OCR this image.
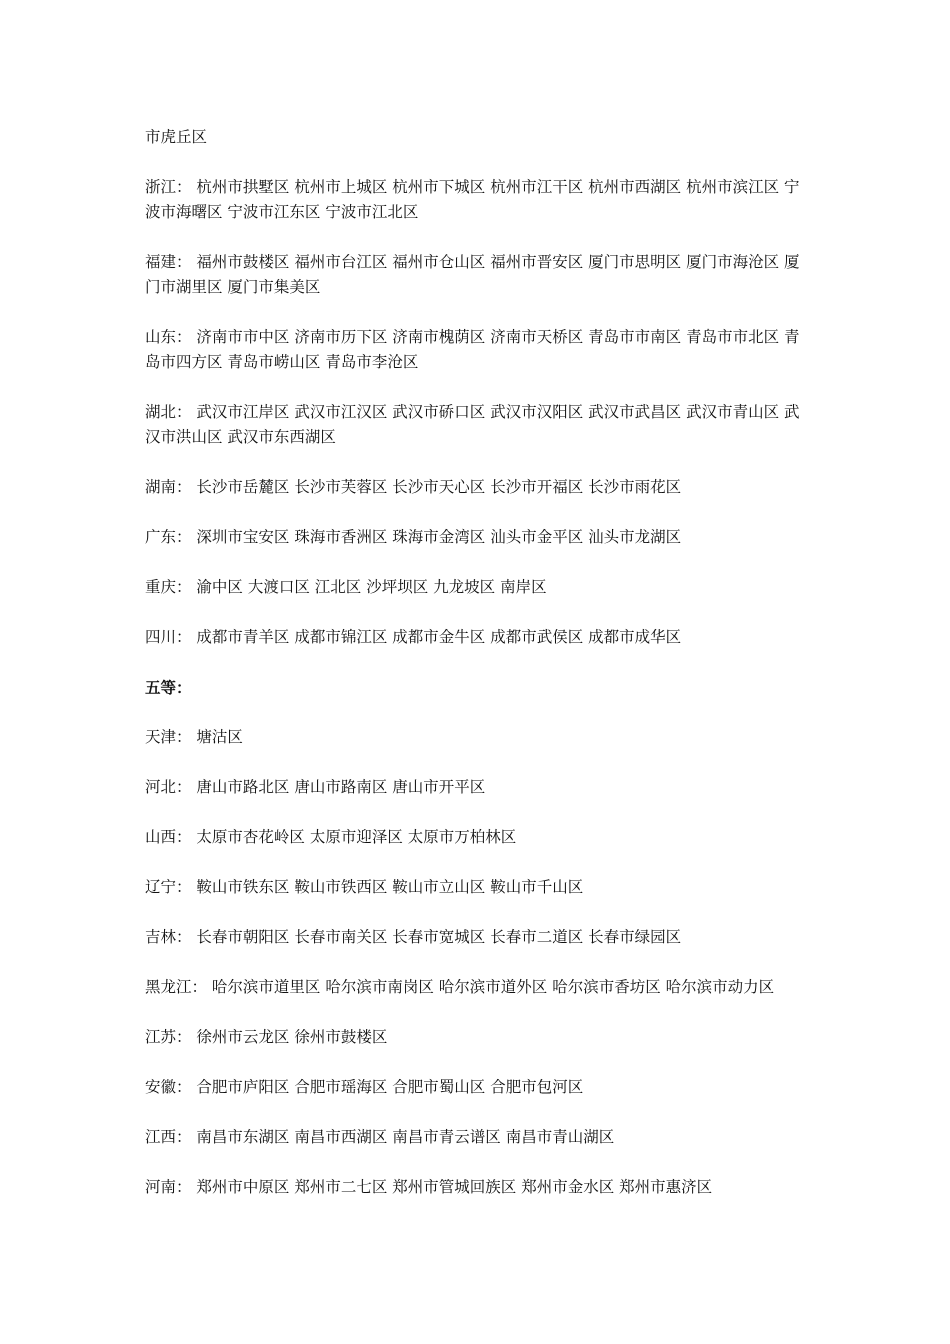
市虎丘区

浙江： 杭州市拱墅区 杭州市上城区 杭州市下城区 杭州市江干区 杭州市西湖区 杭州市滨江区 宁波市海曙区 宁波市江东区 宁波市江北区

福建： 福州市鼓楼区 福州市台江区 福州市仓山区 福州市晋安区 厦门市思明区 厦门市海沧区 厦门市湖里区 厦门市集美区

山东： 济南市市中区 济南市历下区 济南市槐荫区 济南市天桥区 青岛市市南区 青岛市市北区 青岛市四方区 青岛市崂山区 青岛市李沧区

湖北： 武汉市江岸区 武汉市江汉区 武汉市硚口区 武汉市汉阳区 武汉市武昌区 武汉市青山区 武汉市洪山区 武汉市东西湖区

湖南： 长沙市岳麓区 长沙市芙蓉区 长沙市天心区 长沙市开福区 长沙市雨花区

广东： 深圳市宝安区 珠海市香洲区 珠海市金湾区 汕头市金平区 汕头市龙湖区

重庆： 渝中区 大渡口区 江北区 沙坪坝区 九龙坡区 南岸区

四川： 成都市青羊区 成都市锦江区 成都市金牛区 成都市武侯区 成都市成华区

五等：

天津： 塘沽区

河北： 唐山市路北区 唐山市路南区 唐山市开平区

山西： 太原市杏花岭区 太原市迎泽区 太原市万柏林区

辽宁： 鞍山市铁东区 鞍山市铁西区 鞍山市立山区 鞍山市千山区

吉林： 长春市朝阳区 长春市南关区 长春市宽城区 长春市二道区 长春市绿园区

黑龙江： 哈尔滨市道里区 哈尔滨市南岗区 哈尔滨市道外区 哈尔滨市香坊区 哈尔滨市动力区

江苏： 徐州市云龙区 徐州市鼓楼区

安徽： 合肥市庐阳区 合肥市瑶海区 合肥市蜀山区 合肥市包河区

江西： 南昌市东湖区 南昌市西湖区 南昌市青云谱区 南昌市青山湖区

河南： 郑州市中原区 郑州市二七区 郑州市管城回族区 郑州市金水区 郑州市惠济区
